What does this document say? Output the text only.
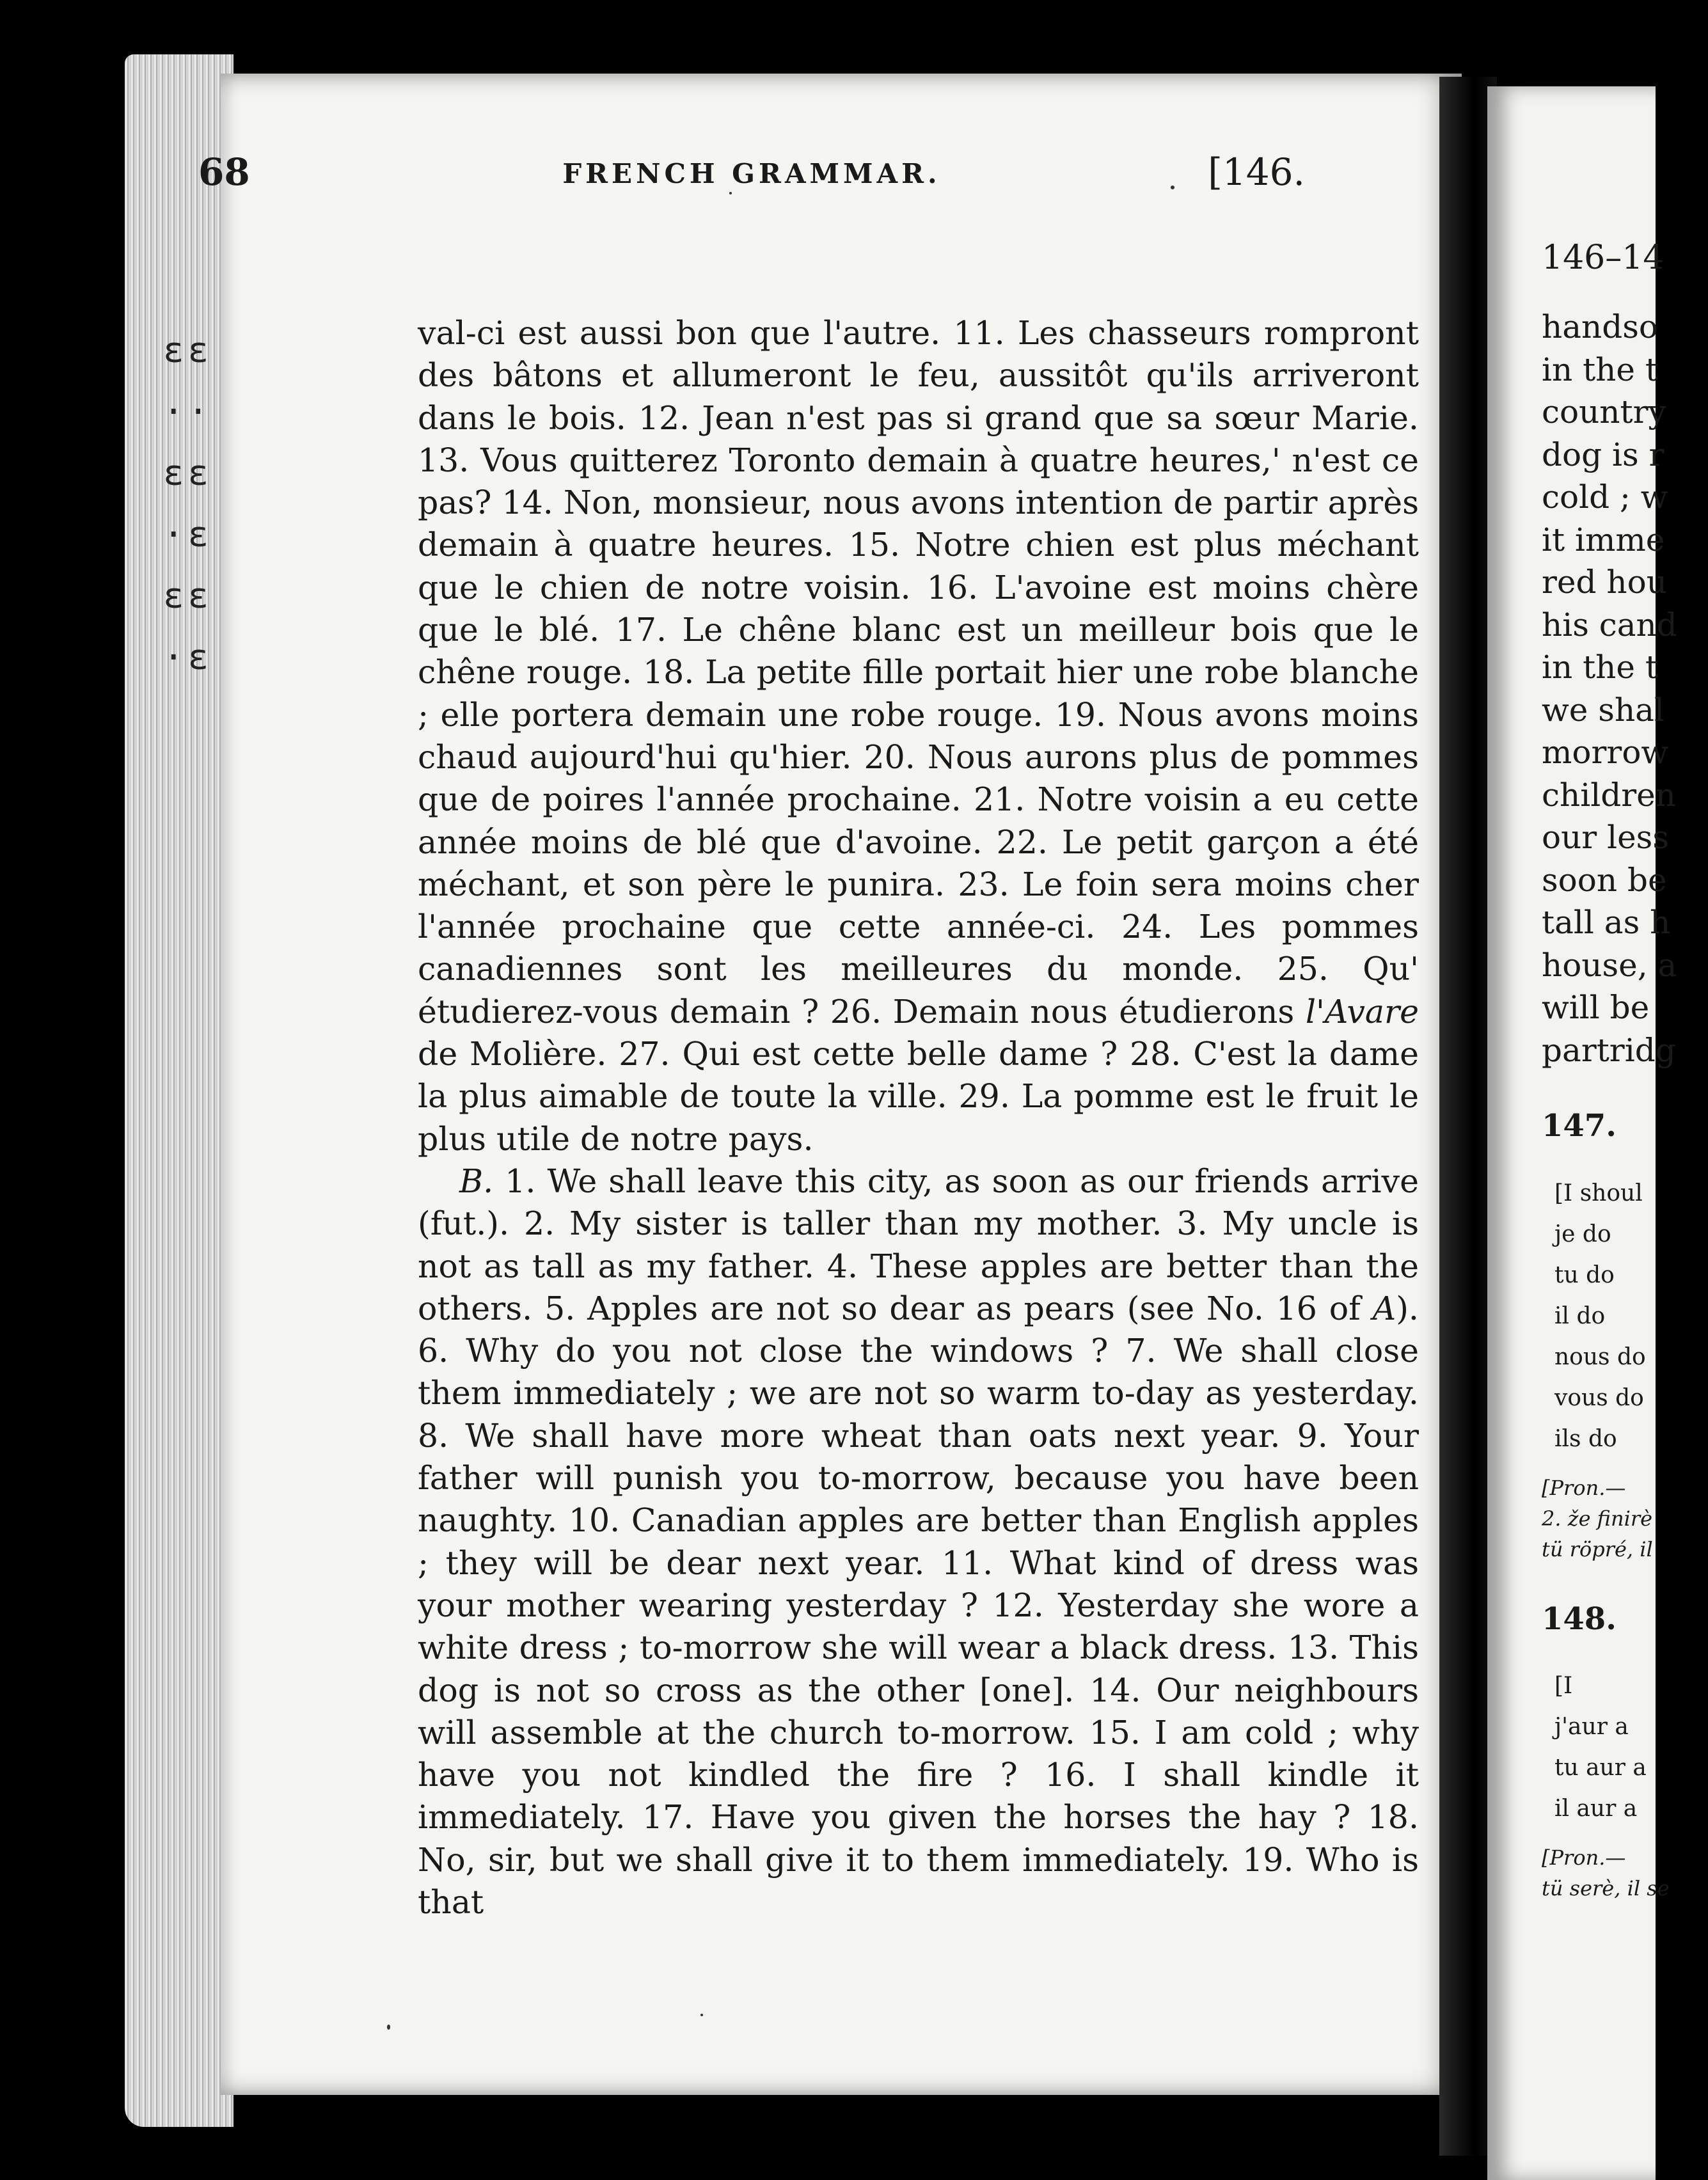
ɛɛ ·· ɛɛ ·ɛ ɛɛ ·ɛ
68	FRENCH GRAMMAR.	[146.

val-ci est aussi bon que l'autre. 11. Les chasseurs rompront des bâtons et allumeront le feu, aussitôt qu'ils arriveront dans le bois. 12. Jean n'est pas si grand que sa sœur Marie. 13. Vous quitterez Toronto demain à quatre heures,' n'est ce pas? 14. Non, monsieur, nous avons intention de partir après demain à quatre heures. 15. Notre chien est plus méchant que le chien de notre voisin. 16. L'avoine est moins chère que le blé. 17. Le chêne blanc est un meilleur bois que le chêne rouge. 18. La petite fille portait hier une robe blanche ; elle portera demain une robe rouge. 19. Nous avons moins chaud aujourd'hui qu'hier. 20. Nous aurons plus de pommes que de poires l'année prochaine. 21. Notre voisin a eu cette année moins de blé que d'avoine. 22. Le petit garçon a été méchant, et son père le punira. 23. Le foin sera moins cher l'année prochaine que cette année-ci. 24. Les pommes canadiennes sont les meilleures du monde. 25. Qu' étudierez-vous demain ? 26. Demain nous étudierons l'Avare de Molière. 27. Qui est cette belle dame ? 28. C'est la dame la plus aimable de toute la ville. 29. La pomme est le fruit le plus utile de notre pays.

B. 1. We shall leave this city, as soon as our friends arrive (fut.). 2. My sister is taller than my mother. 3. My uncle is not as tall as my father. 4. These apples are better than the others. 5. Apples are not so dear as pears (see No. 16 of A). 6. Why do you not close the windows ? 7. We shall close them immediately ; we are not so warm to-day as yesterday. 8. We shall have more wheat than oats next year. 9. Your father will punish you to-morrow, because you have been naughty. 10. Canadian apples are better than English apples ; they will be dear next year. 11. What kind of dress was your mother wearing yesterday ? 12. Yesterday she wore a white dress ; to-morrow she will wear a black dress. 13. This dog is not so cross as the other [one]. 14. Our neighbours will assemble at the church to-morrow. 15. I am cold ; why have you not kindled the fire ? 16. I shall kindle it immediately. 17. Have you given the horses the hay ? 18. No, sir, but we shall give it to them immediately. 19. Who is that

146–14
handso
in the t
country
dog is r
cold ; w
it imme
red hou
his cand
in the t
we shal
morrow
children
our less
soon be
tall as h
house, a
will be
partridg
147.
[I shoul
je do
tu do
il do
nous do
vous do
ils do
[Pron.—
2. že finirè
tü röpré, il
148.
[I
j'aur a
tu aur a
il aur a
[Pron.—
tü serè, il se
